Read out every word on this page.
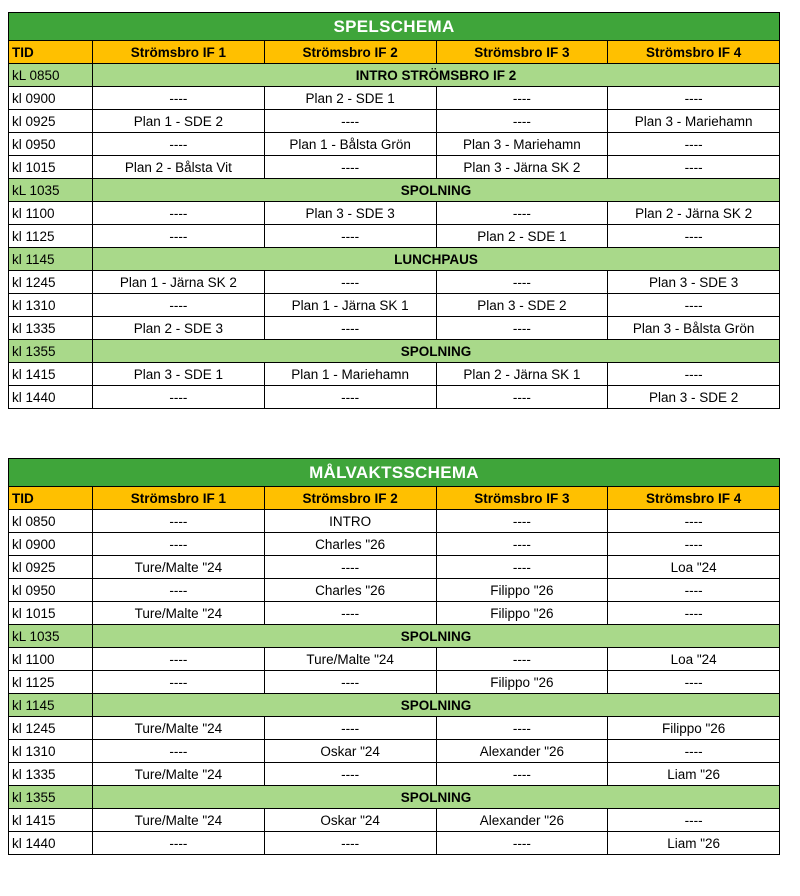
SPELSCHEMA				
TID	Strömsbro IF 1	Strömsbro IF 2	Strömsbro IF 3	Strömsbro IF 4
kL 0850	INTRO STRÖMSBRO IF 2			
kl 0900	----	Plan 2 - SDE 1	----	----
kl 0925	Plan 1 - SDE 2	----	----	Plan 3 - Mariehamn
kl 0950	----	Plan 1 - Bålsta Grön	Plan 3 - Mariehamn	----
kl 1015	Plan 2 - Bålsta Vit	----	Plan 3 - Järna SK 2	----
kL 1035	SPOLNING			
kl 1100	----	Plan 3 - SDE 3	----	Plan 2 - Järna SK 2
kl 1125	----	----	Plan 2 - SDE 1	----
kl 1145	LUNCHPAUS			
kl 1245	Plan 1 - Järna SK 2	----	----	Plan 3 - SDE 3
kl 1310	----	Plan 1 - Järna SK 1	Plan 3 - SDE 2	----
kl 1335	Plan 2 - SDE 3	----	----	Plan 3 - Bålsta Grön
kl 1355	SPOLNING			
kl 1415	Plan 3 - SDE 1	Plan 1 - Mariehamn	Plan 2 - Järna SK 1	----
kl 1440	----	----	----	Plan 3 - SDE 2
MÅLVAKTSSCHEMA				
TID	Strömsbro IF 1	Strömsbro IF 2	Strömsbro IF 3	Strömsbro IF 4
kl 0850	----	INTRO	----	----
kl 0900	----	Charles "26	----	----
kl 0925	Ture/Malte "24	----	----	Loa "24
kl 0950	----	Charles "26	Filippo "26	----
kl 1015	Ture/Malte "24	----	Filippo "26	----
kL 1035	SPOLNING			
kl 1100	----	Ture/Malte "24	----	Loa "24
kl 1125	----	----	Filippo "26	----
kl 1145	SPOLNING			
kl 1245	Ture/Malte "24	----	----	Filippo "26
kl 1310	----	Oskar "24	Alexander "26	----
kl 1335	Ture/Malte "24	----	----	Liam "26
kl 1355	SPOLNING			
kl 1415	Ture/Malte "24	Oskar "24	Alexander "26	----
kl 1440	----	----	----	Liam "26
